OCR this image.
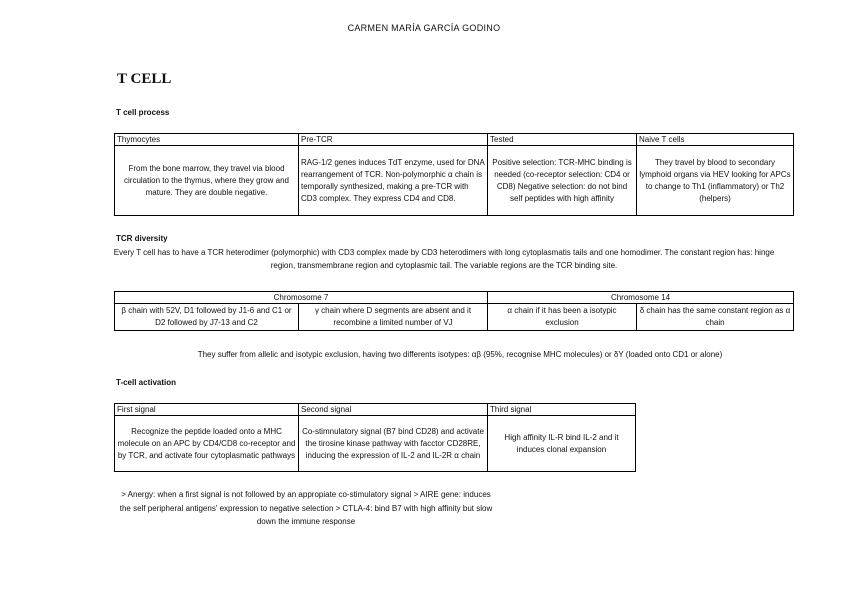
CARMEN MARÍA GARCÍA GODINO
T CELL
T cell process
Thymocytes	Pre-TCR	Tested	Naive T cells
From the bone marrow, they travel via blood circulation to the thymus, where they grow and mature. They are double negative.	RAG-1/2 genes induces TdT enzyme, used for DNA rearrangement of TCR. Non-polymorphic α chain is temporally synthesized, making a pre-TCR with CD3 complex. They express CD4 and CD8.	Positive selection: TCR-MHC binding is needed (co-receptor selection: CD4 or CD8) Negative selection: do not bind self peptides with high affinity	They travel by blood to secondary lymphoid organs via HEV looking for APCs to change to Th1 (inflammatory) or Th2 (helpers)
TCR diversity
Every T cell has to have a TCR heterodimer (polymorphic) with CD3 complex made by CD3 heterodimers with long cytoplasmatis tails and one homodimer. The constant region has: hinge region, transmembrane region and cytoplasmic tail. The variable regions are the TCR binding site.
Chromosome 7		Chromosome 14	
β chain with 52V, D1 followed by J1-6 and C1 or D2 followed by J7-13 and C2	γ chain where D segments are absent and it recombine a limited number of VJ	α chain if it has been a isotypic exclusion	δ chain has the same constant region as α chain
They suffer from allelic and isotypic exclusion, having two differents isotypes: αβ (95%, recognise MHC molecules) or δY (loaded onto CD1 or alone)
T-cell activation
First signal	Second signal	Third signal
Recognize the peptide loaded onto a MHC molecule on an APC by CD4/CD8 co-receptor and by TCR, and activate four cytoplasmatic pathways	Co-stimnulatory signal (B7 bind CD28) and activate the tirosine kinase pathway with facctor CD28RE, inducing the expression of IL-2 and IL-2R α chain	High affinity IL-R bind IL-2 and it induces clonal expansion
> Anergy: when a first signal is not followed by an appropiate co-stimulatory signal > AIRE gene: induces the self peripheral antigens' expression to negative selection > CTLA-4: bind B7 with high affinity but slow down the immune response
